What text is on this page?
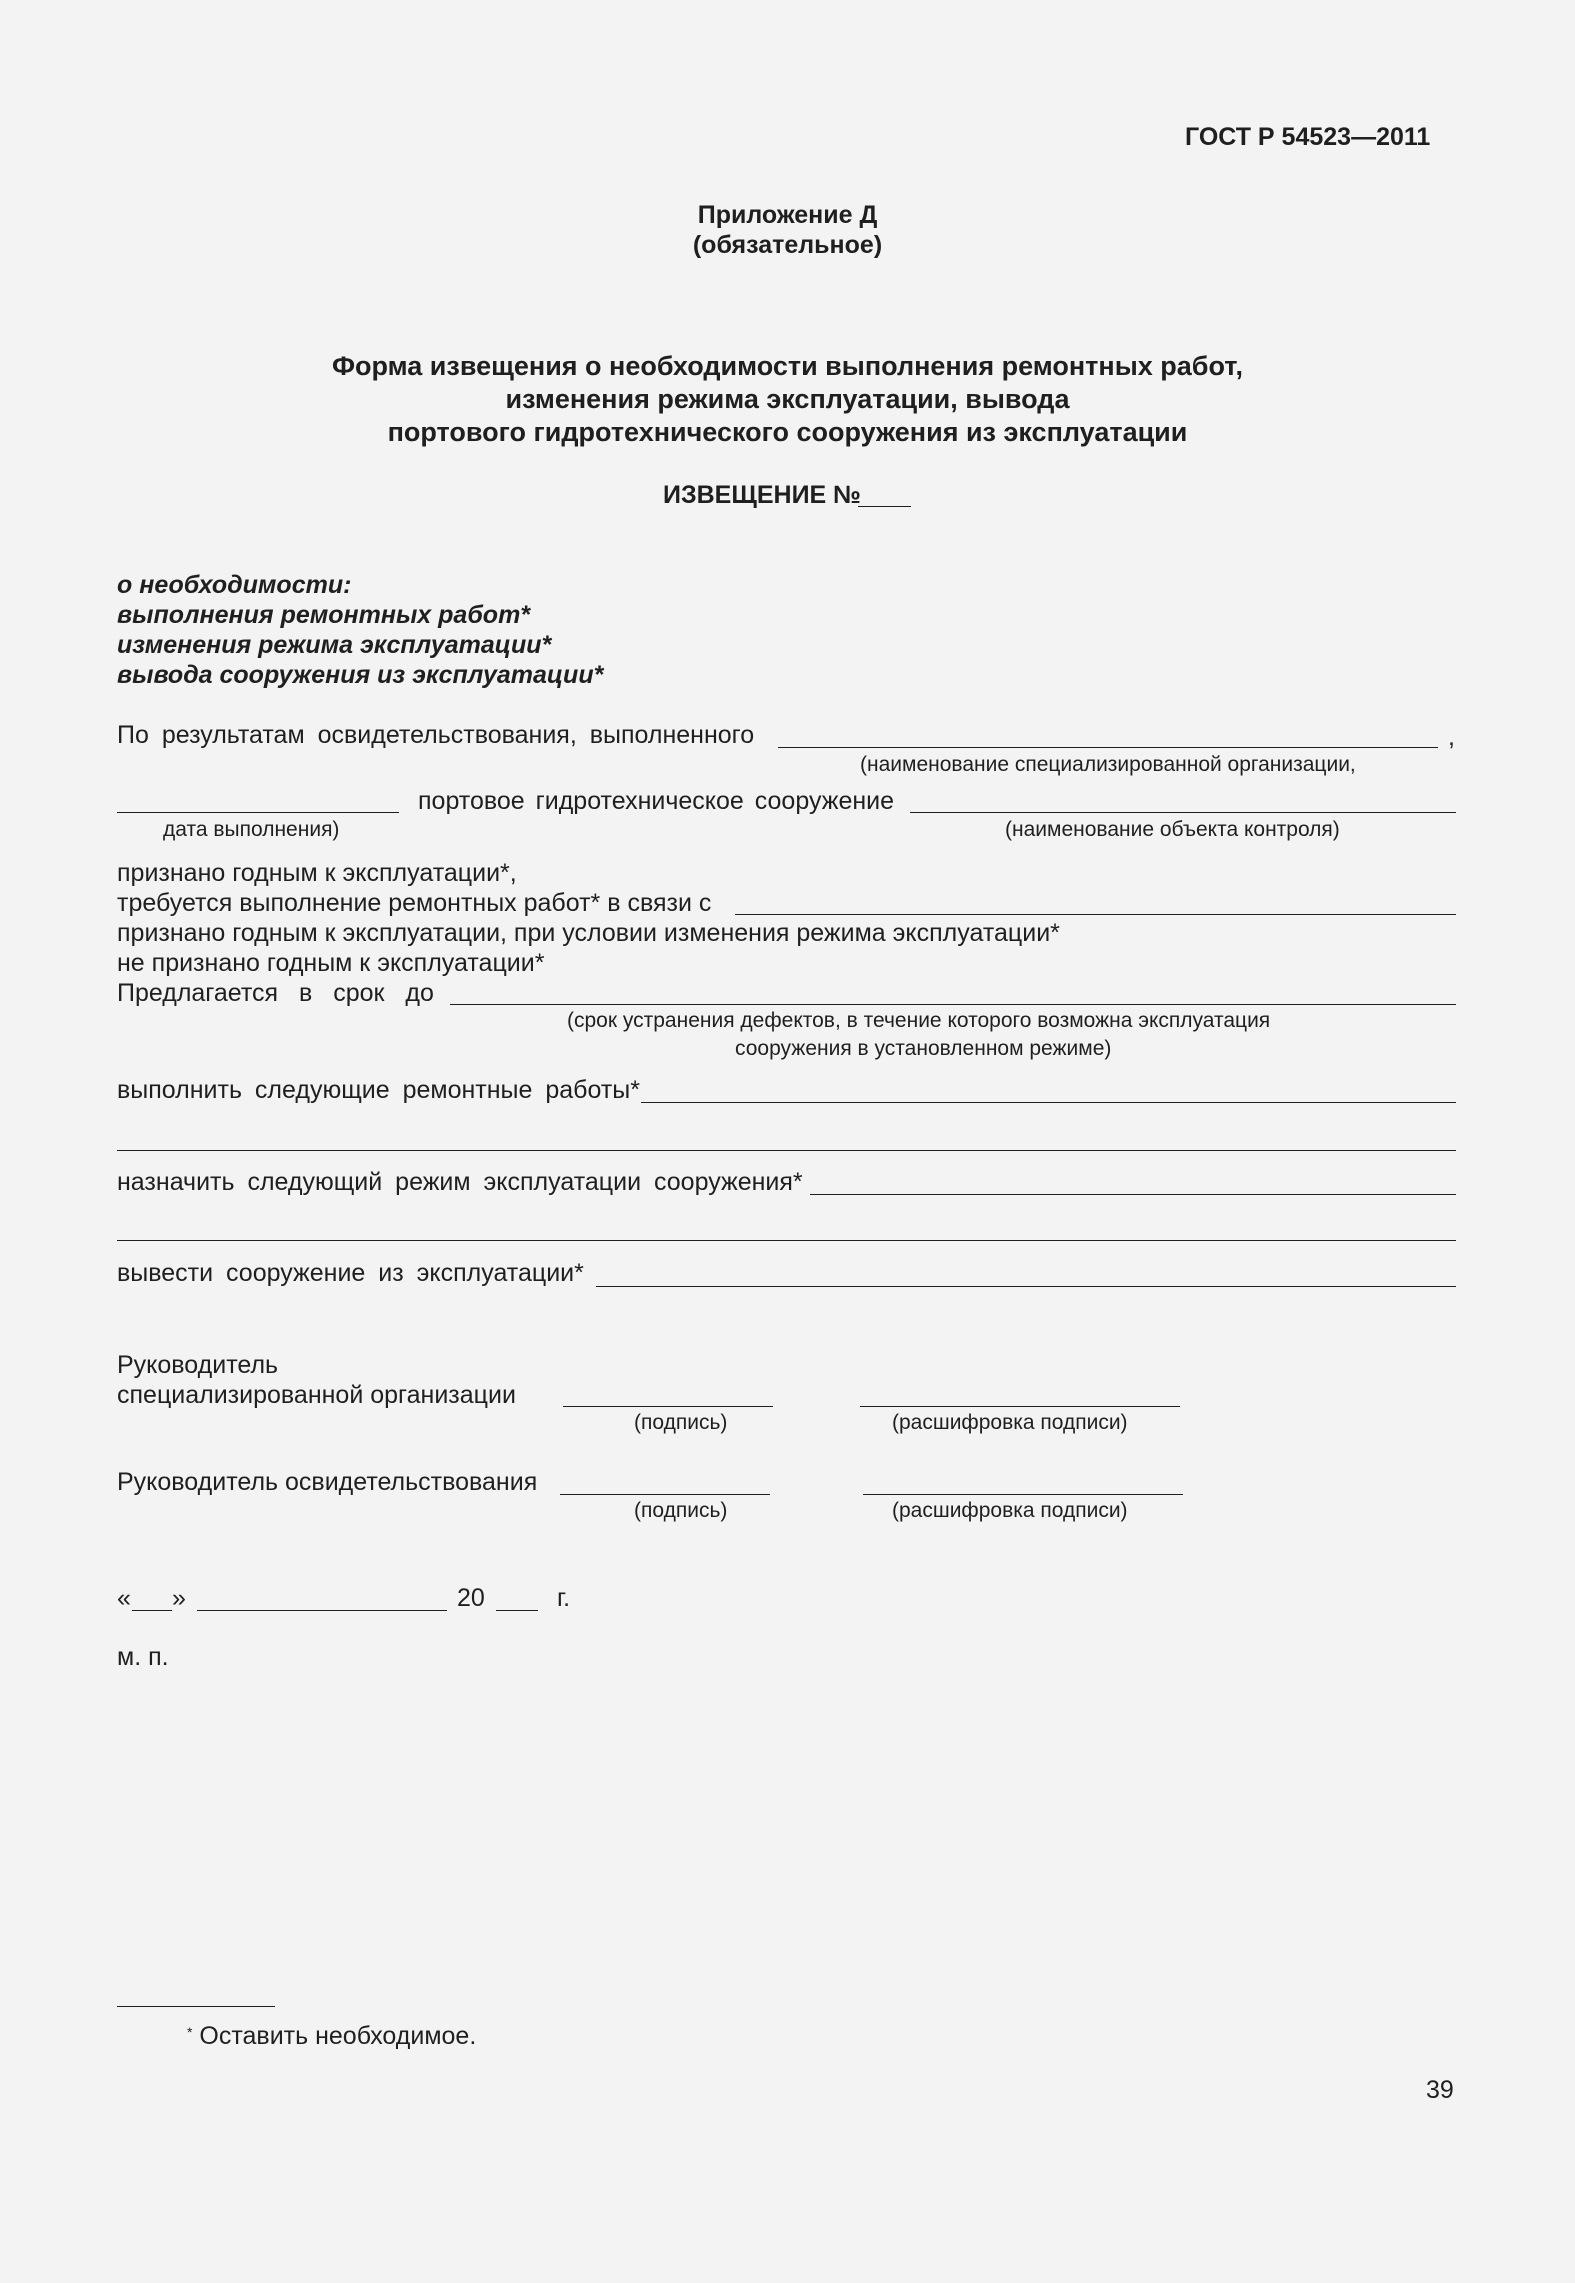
ГОСТ Р 54523—2011
Приложение Д
(обязательное)
Форма извещения о необходимости выполнения ремонтных работ,
изменения режима эксплуатации, вывода
портового гидротехнического сооружения из эксплуатации
ИЗВЕЩЕНИЕ №
о необходимости:
выполнения ремонтных работ*
изменения режима эксплуатации*
вывода сооружения из эксплуатации*
По результатам освидетельствования, выполненного	,
(наименование специализированной организации,
портовое гидротехническое сооружение
дата выполнения)	(наименование объекта контроля)
признано годным к эксплуатации*,
требуется выполнение ремонтных работ* в связи с
признано годным к эксплуатации, при условии изменения режима эксплуатации*
не признано годным к эксплуатации*
Предлагается в срок до
(срок устранения дефектов, в течение которого возможна эксплуатация
сооружения в установленном режиме)
выполнить следующие ремонтные работы*
назначить следующий режим эксплуатации сооружения*
вывести сооружение из эксплуатации*
Руководитель
специализированной организации
(подпись)	(расшифровка подписи)
Руководитель освидетельствования
(подпись)	(расшифровка подписи)
« »	20	г.
м. п.
* Оставить необходимое.
39
